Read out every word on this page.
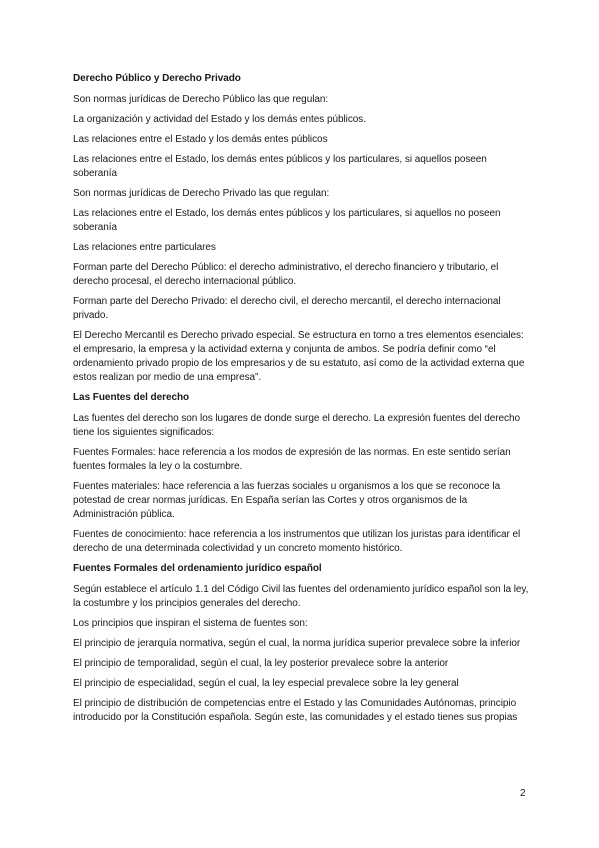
Derecho Público y Derecho Privado
Son normas jurídicas de Derecho Público las que regulan:
La organización y actividad del Estado y los demás entes públicos.
Las relaciones entre el Estado y los demás entes públicos
Las relaciones entre el Estado, los demás entes públicos y los particulares, si aquellos poseen soberanía
Son normas jurídicas de Derecho Privado las que regulan:
Las relaciones entre el Estado, los demás entes públicos y los particulares, si aquellos no poseen soberanía
Las relaciones entre particulares
Forman parte del Derecho Público: el derecho administrativo, el derecho financiero y tributario, el derecho procesal, el derecho internacional público.
Forman parte del Derecho Privado: el derecho civil, el derecho mercantil, el derecho internacional privado.
El Derecho Mercantil es Derecho privado especial. Se estructura en torno a tres elementos esenciales: el empresario, la empresa y la actividad externa y conjunta de ambos. Se podría definir como “el ordenamiento privado propio de los empresarios y de su estatuto, así como de la actividad externa que estos realizan por medio de una empresa”.
Las Fuentes del derecho
Las fuentes del derecho son los lugares de donde surge el derecho. La expresión fuentes del derecho tiene los siguientes significados:
Fuentes Formales: hace referencia a los modos de expresión de las normas. En este sentido serían fuentes formales la ley o la costumbre.
Fuentes materiales: hace referencia a las fuerzas sociales u organismos a los que se reconoce la potestad de crear normas jurídicas. En España serían las Cortes y otros organismos de la Administración pública.
Fuentes de conocimiento: hace referencia a los instrumentos que utilizan los juristas para identificar el derecho de una determinada colectividad y un concreto momento histórico.
Fuentes Formales del ordenamiento jurídico español
Según establece el artículo 1.1 del Código Civil las fuentes del ordenamiento jurídico español son la ley, la costumbre y los principios generales del derecho.
Los principios que inspiran el sistema de fuentes son:
El principio de jerarquía normativa, según el cual, la norma jurídica superior prevalece sobre la inferior
El principio de temporalidad, según el cual, la ley posterior prevalece sobre la anterior
El principio de especialidad, según el cual, la ley especial prevalece sobre la ley general
El principio de distribución de competencias entre el Estado y las Comunidades Autónomas, principio introducido por la Constitución española. Según este, las comunidades y el estado tienes sus propias
2
